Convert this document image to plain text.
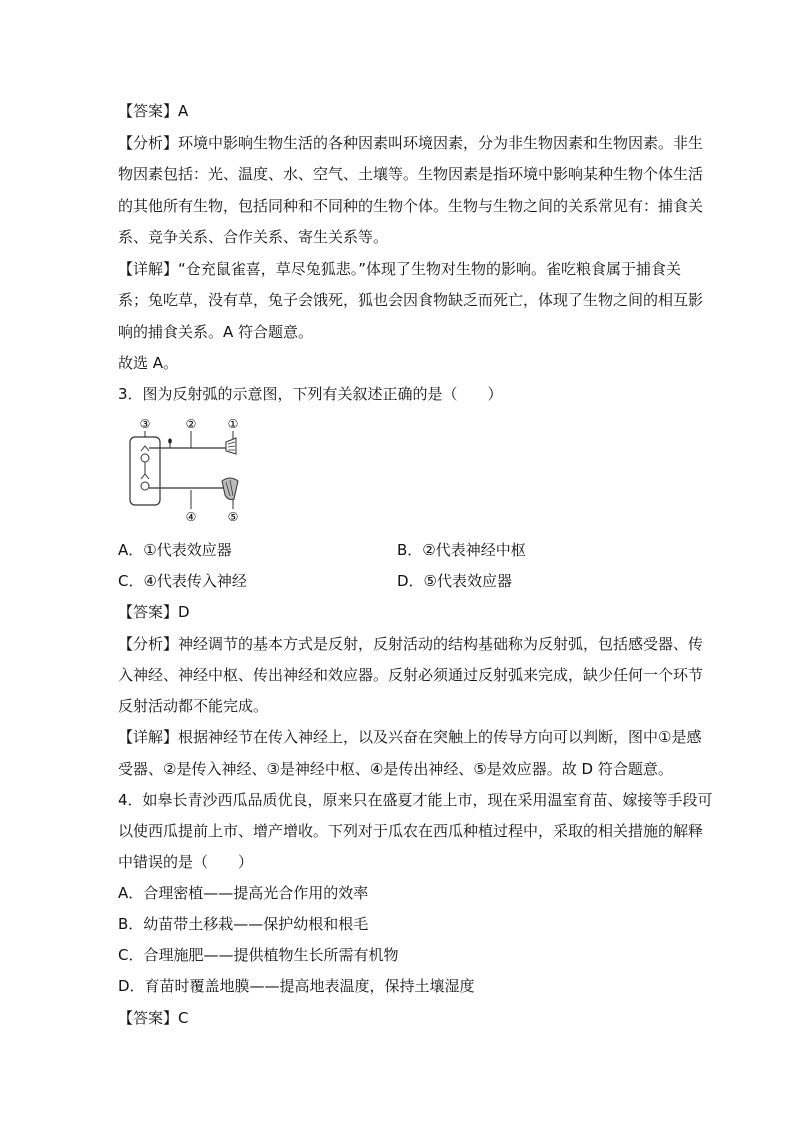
【答案】A
【分析】环境中影响生物生活的各种因素叫环境因素，分为非生物因素和生物因素。非生
物因素包括：光、温度、水、空气、土壤等。生物因素是指环境中影响某种生物个体生活
的其他所有生物，包括同种和不同种的生物个体。生物与生物之间的关系常见有：捕食关
系、竞争关系、合作关系、寄生关系等。
【详解】“仓充鼠雀喜，草尽兔狐悲。”体现了生物对生物的影响。雀吃粮食属于捕食关
系；兔吃草，没有草，兔子会饿死，狐也会因食物缺乏而死亡，体现了生物之间的相互影
响的捕食关系。A 符合题意。
故选 A。
3．图为反射弧的示意图，下列有关叙述正确的是（　　）
③	②	①
④	⑤
A．①代表效应器	B．②代表神经中枢
C．④代表传入神经	D．⑤代表效应器
【答案】D
【分析】神经调节的基本方式是反射，反射活动的结构基础称为反射弧，包括感受器、传
入神经、神经中枢、传出神经和效应器。反射必须通过反射弧来完成，缺少任何一个环节
反射活动都不能完成。
【详解】根据神经节在传入神经上，以及兴奋在突触上的传导方向可以判断，图中①是感
受器、②是传入神经、③是神经中枢、④是传出神经、⑤是效应器。故 D 符合题意。
4．如皋长青沙西瓜品质优良，原来只在盛夏才能上市，现在采用温室育苗、嫁接等手段可
以使西瓜提前上市、增产增收。下列对于瓜农在西瓜种植过程中，采取的相关措施的解释
中错误的是（　　）
A．合理密植——提高光合作用的效率
B．幼苗带土移栽——保护幼根和根毛
C．合理施肥——提供植物生长所需有机物
D．育苗时覆盖地膜——提高地表温度，保持土壤湿度
【答案】C
